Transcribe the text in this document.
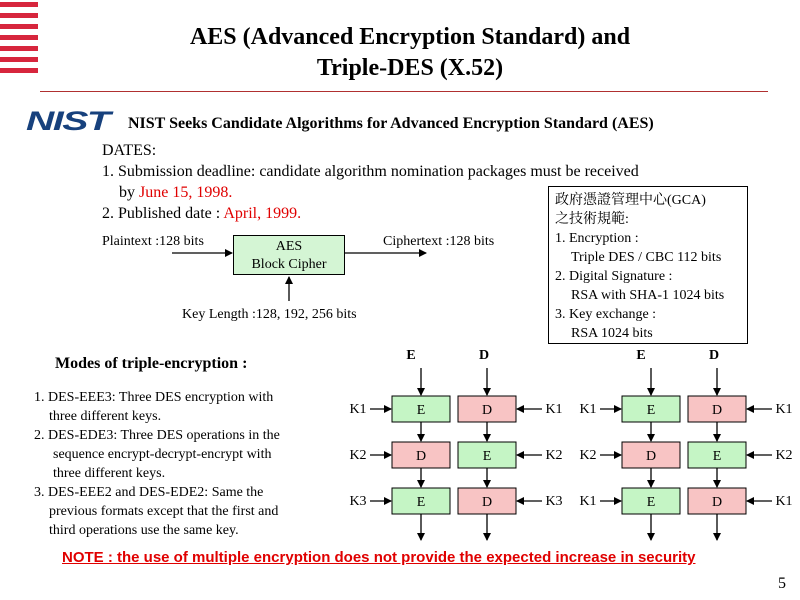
AES (Advanced Encryption Standard) and
Triple-DES (X.52)
NIST NIST Seeks Candidate Algorithms for Advanced Encryption Standard (AES)
DATES:
1. Submission deadline: candidate algorithm nomination packages must be received
by June 15, 1998.
2. Published date : April, 1999.
AES
Block Cipher
Plaintext :128 bits	Ciphertext :128 bits
Key Length :128, 192, 256 bits
政府憑證管理中心(GCA)
之技術規範:
1. Encryption :
Triple DES / CBC 112 bits
2. Digital Signature :
RSA with SHA-1 1024 bits
3. Key exchange :
RSA 1024 bits
Modes of triple-encryption :
1. DES-EEE3: Three DES encryption with
three different keys.
2. DES-EDE3: Three DES operations in the
sequence encrypt-decrypt-encrypt with
three different keys.
3. DES-EEE2 and DES-EDE2: Same the
previous formats except that the first and
third operations use the same key.
E	D
E	D
K1	K1
D	E
K2	K2
E	D
K3	K3
E	D
E	D
K1	K1
D	E
K2	K2
E	D
K1	K1
NOTE : the use of multiple encryption does not provide the expected increase in security
5
